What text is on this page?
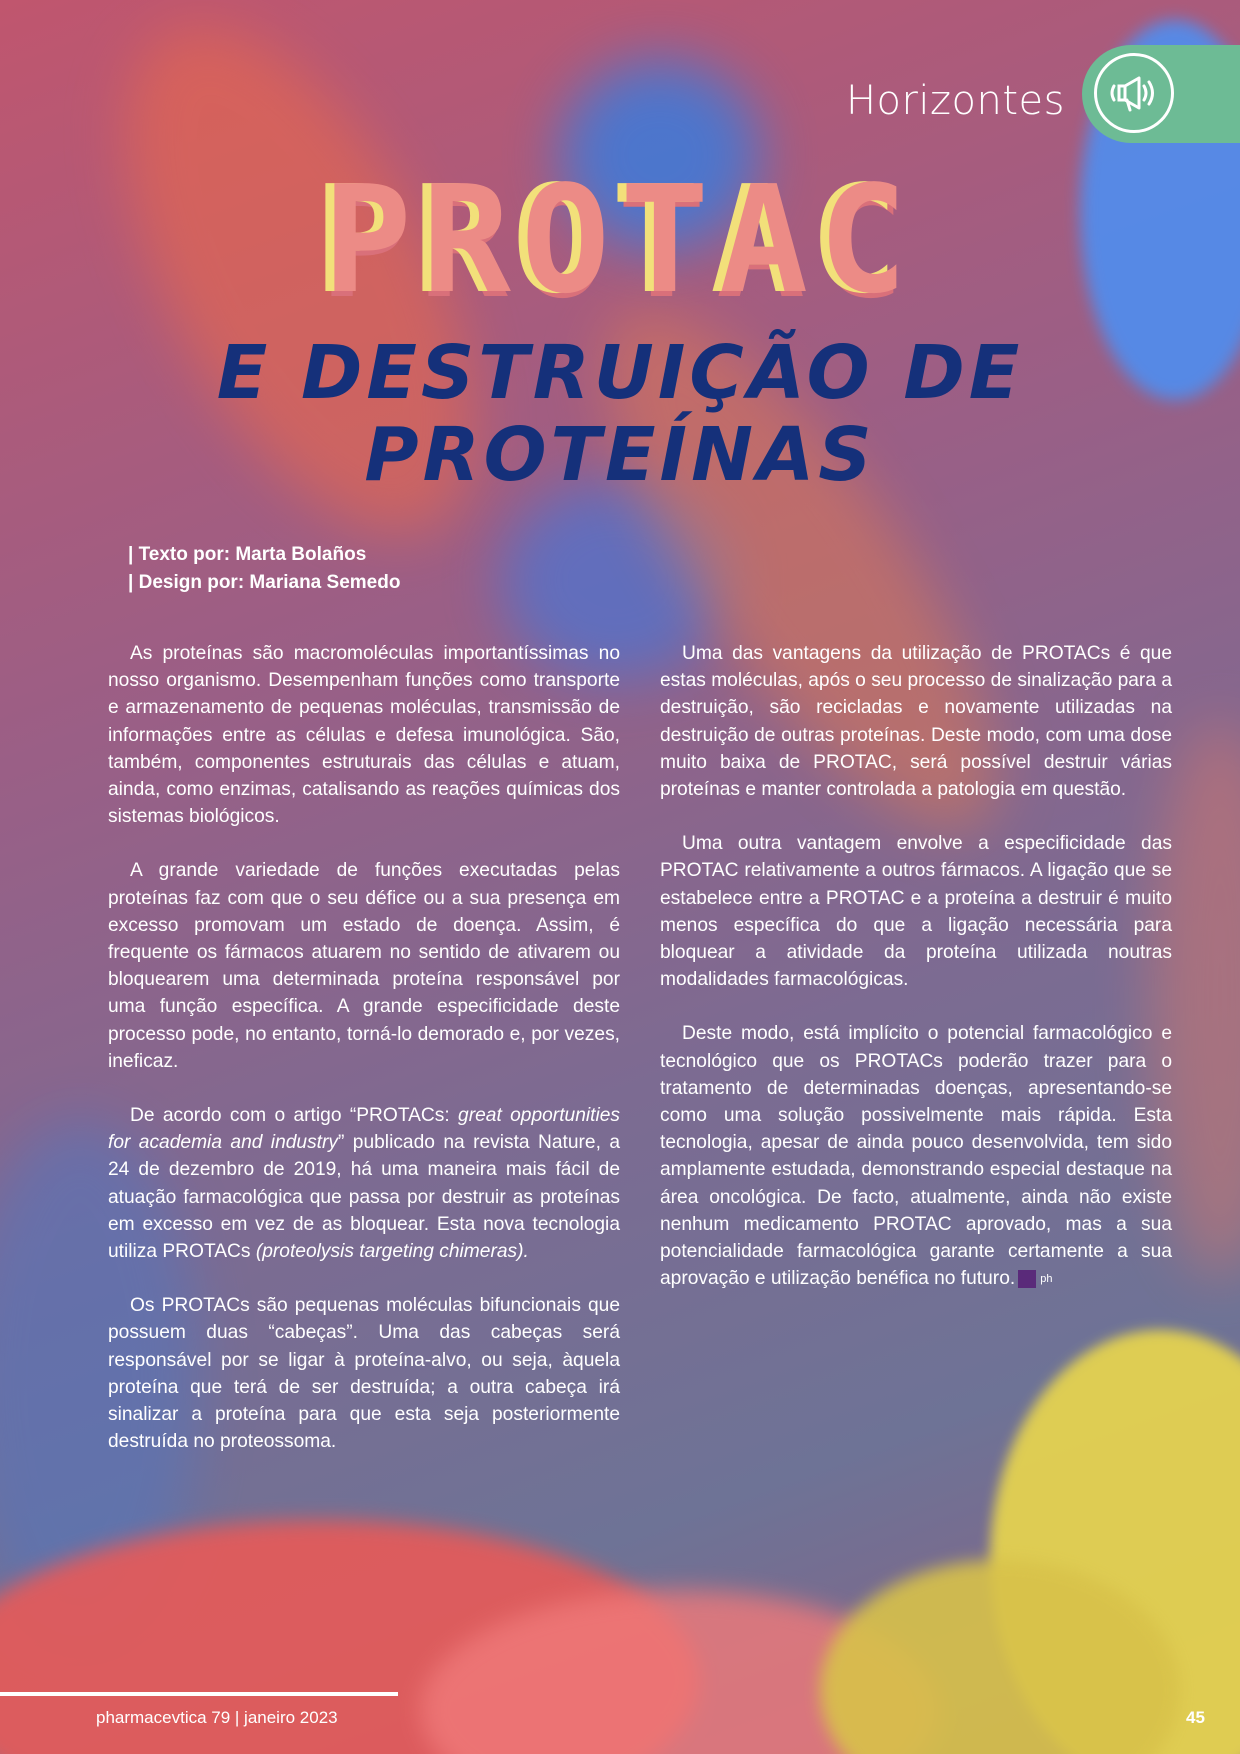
Horizontes
PROTAC
E DESTRUIÇÃO DE
PROTEÍNAS
| Texto por: Marta Bolaños
| Design por: Mariana Semedo

As proteínas são macromoléculas importantíssimas no nosso organismo. Desempenham funções como transporte e armazenamento de pequenas moléculas, transmissão de informações entre as células e defesa imunológica. São, também, componentes estruturais das células e atuam, ainda, como enzimas, catalisando as reações químicas dos sistemas biológicos.

A grande variedade de funções executadas pelas proteínas faz com que o seu défice ou a sua presença em excesso promovam um estado de doença. Assim, é frequente os fármacos atuarem no sentido de ativarem ou bloquearem uma determinada proteína responsável por uma função específica. A grande especificidade deste processo pode, no entanto, torná-lo demorado e, por vezes, ineficaz.

De acordo com o artigo “PROTACs: great opportunities for academia and industry” publicado na revista Nature, a 24 de dezembro de 2019, há uma maneira mais fácil de atuação farmacológica que passa por destruir as proteínas em excesso em vez de as bloquear. Esta nova tecnologia utiliza PROTACs (proteolysis targeting chimeras).

Os PROTACs são pequenas moléculas bifuncionais que possuem duas “cabeças”. Uma das cabeças será responsável por se ligar à proteína-alvo, ou seja, àquela proteína que terá de ser destruída; a outra cabeça irá sinalizar a proteína para que esta seja posteriormente destruída no proteossoma.

Uma das vantagens da utilização de PROTACs é que estas moléculas, após o seu processo de sinalização para a destruição, são recicladas e novamente utilizadas na destruição de outras proteínas. Deste modo, com uma dose muito baixa de PROTAC, será possível destruir várias proteínas e manter controlada a patologia em questão.

Uma outra vantagem envolve a especificidade das PROTAC relativamente a outros fármacos. A ligação que se estabelece entre a PROTAC e a proteína a destruir é muito menos específica do que a ligação necessária para bloquear a atividade da proteína utilizada noutras modalidades farmacológicas.

Deste modo, está implícito o potencial farmacológico e tecnológico que os PROTACs poderão trazer para o tratamento de determinadas doenças, apresentando-se como uma solução possivelmente mais rápida. Esta tecnologia, apesar de ainda pouco desenvolvida, tem sido amplamente estudada, demonstrando especial destaque na área oncológica. De facto, atualmente, ainda não existe nenhum medicamento PROTAC aprovado, mas a sua potencialidade farmacológica garante certamente a sua aprovação e utilização benéfica no futuro. ph

pharmacevtica 79 | janeiro 2023	45
